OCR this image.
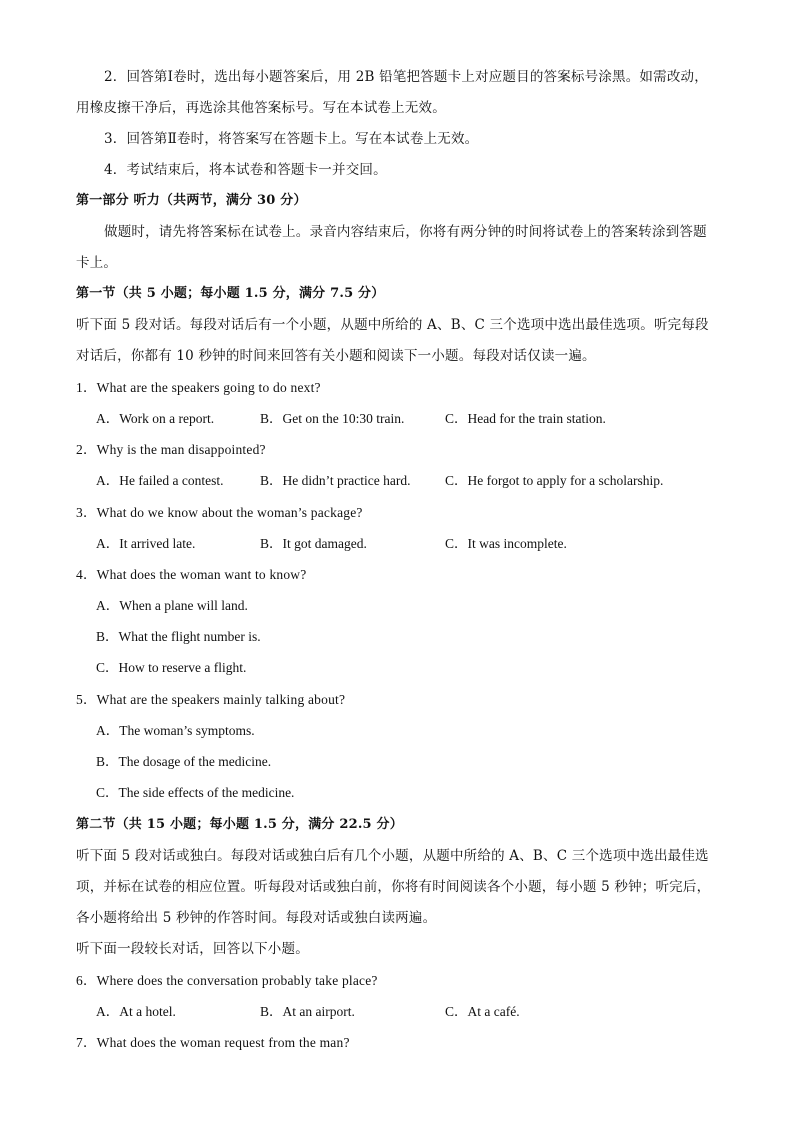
2．回答第Ⅰ卷时，选出每小题答案后，用 2B 铅笔把答题卡上对应题目的答案标号涂黑。如需改动，
用橡皮擦干净后，再选涂其他答案标号。写在本试卷上无效。
3．回答第Ⅱ卷时，将答案写在答题卡上。写在本试卷上无效。
4．考试结束后，将本试卷和答题卡一并交回。
第一部分 听力（共两节，满分 30 分）
做题时，请先将答案标在试卷上。录音内容结束后，你将有两分钟的时间将试卷上的答案转涂到答题
卡上。
第一节（共 5 小题；每小题 1.5 分，满分 7.5 分）
听下面 5 段对话。每段对话后有一个小题，从题中所给的 A、B、C 三个选项中选出最佳选项。听完每段
对话后，你都有 10 秒钟的时间来回答有关小题和阅读下一小题。每段对话仅读一遍。
1．What are the speakers going to do next?
A．Work on a report.	B．Get on the 10:30 train.	C．Head for the train station.
2．Why is the man disappointed?
A．He failed a contest.	B．He didn’t practice hard.	C．He forgot to apply for a scholarship.
3．What do we know about the woman’s package?
A．It arrived late.	B．It got damaged.	C．It was incomplete.
4．What does the woman want to know?
A．When a plane will land.
B．What the flight number is.
C．How to reserve a flight.
5．What are the speakers mainly talking about?
A．The woman’s symptoms.
B．The dosage of the medicine.
C．The side effects of the medicine.
第二节（共 15 小题；每小题 1.5 分，满分 22.5 分）
听下面 5 段对话或独白。每段对话或独白后有几个小题，从题中所给的 A、B、C 三个选项中选出最佳选
项，并标在试卷的相应位置。听每段对话或独白前，你将有时间阅读各个小题，每小题 5 秒钟；听完后，
各小题将给出 5 秒钟的作答时间。每段对话或独白读两遍。
听下面一段较长对话，回答以下小题。
6．Where does the conversation probably take place?
A．At a hotel.	B．At an airport.	C．At a café.
7．What does the woman request from the man?
